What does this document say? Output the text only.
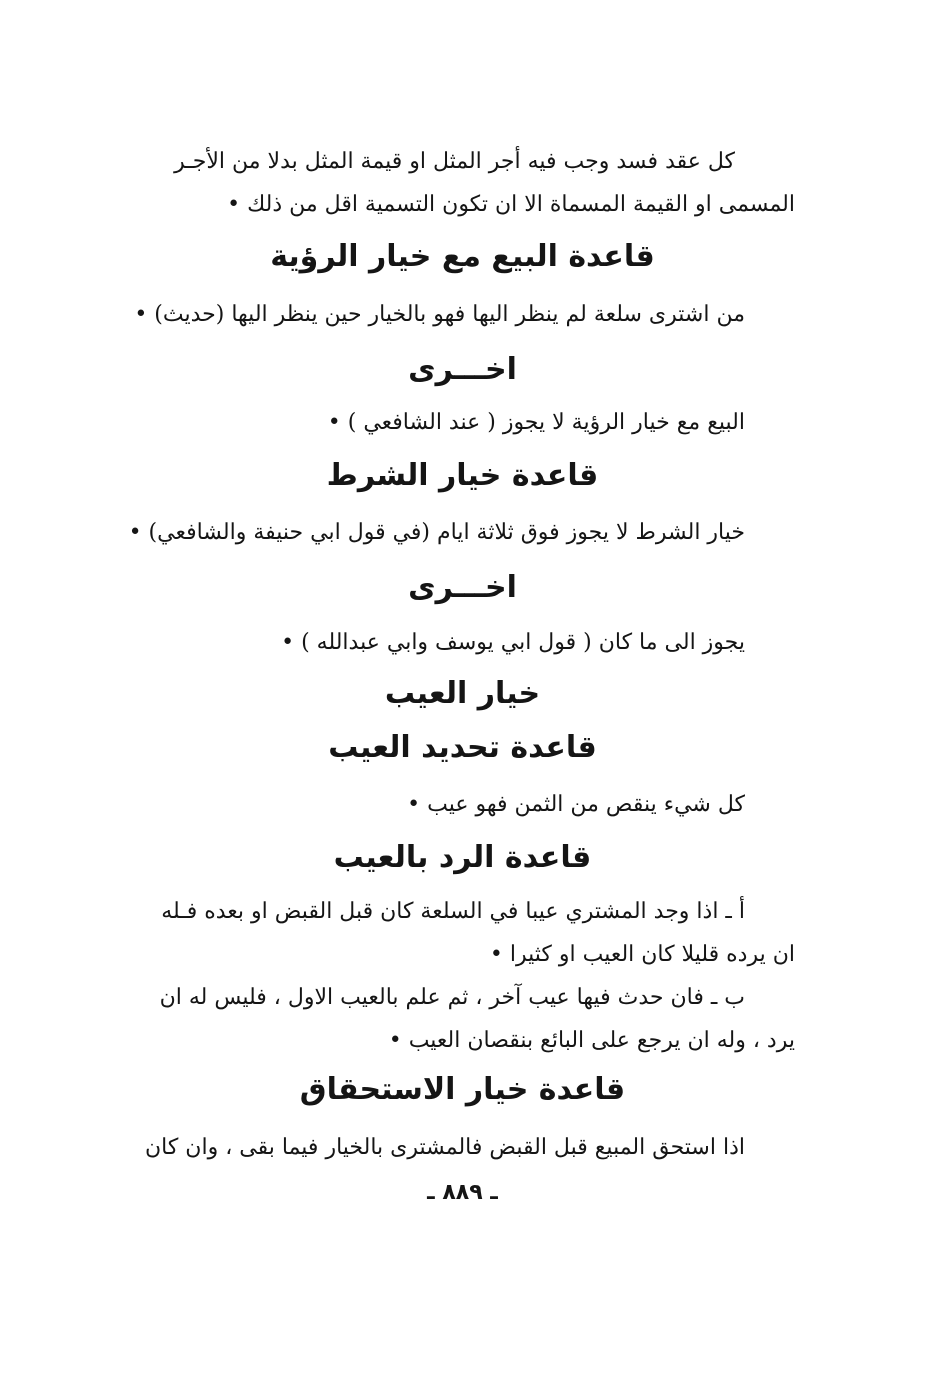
كل عقد فسد وجب فيه أجر المثل او قيمة المثل بدلا من الأجـر
المسمى او القيمة المسماة الا ان تكون التسمية اقل من ذلك •
قاعدة البيع مع خيار الرؤية
من اشترى سلعة لم ينظر اليها فهو بالخيار حين ينظر اليها (حديث) •
اخـــرى
البيع مع خيار الرؤية لا يجوز ( عند الشافعي ) •
قاعدة خيار الشرط
خيار الشرط لا يجوز فوق ثلاثة ايام (في قول ابي حنيفة والشافعي) •
اخـــرى
يجوز الى ما كان ( قول ابي يوسف وابي عبدالله ) •
خيار العيب
قاعدة تحديد العيب
كل شيء ينقص من الثمن فهو عيب •
قاعدة الرد بالعيب
أ ـ اذا وجد المشتري عيبا في السلعة كان قبل القبض او بعده فـله
ان يرده قليلا كان العيب او كثيرا •
ب ـ فان حدث فيها عيب آخر ، ثم علم بالعيب الاول ، فليس له ان
يرد ، وله ان يرجع على البائع بنقصان العيب •
قاعدة خيار الاستحقاق
اذا استحق المبيع قبل القبض فالمشترى بالخيار فيما بقى ، وان كان
ـ ٨٨٩ ـ
